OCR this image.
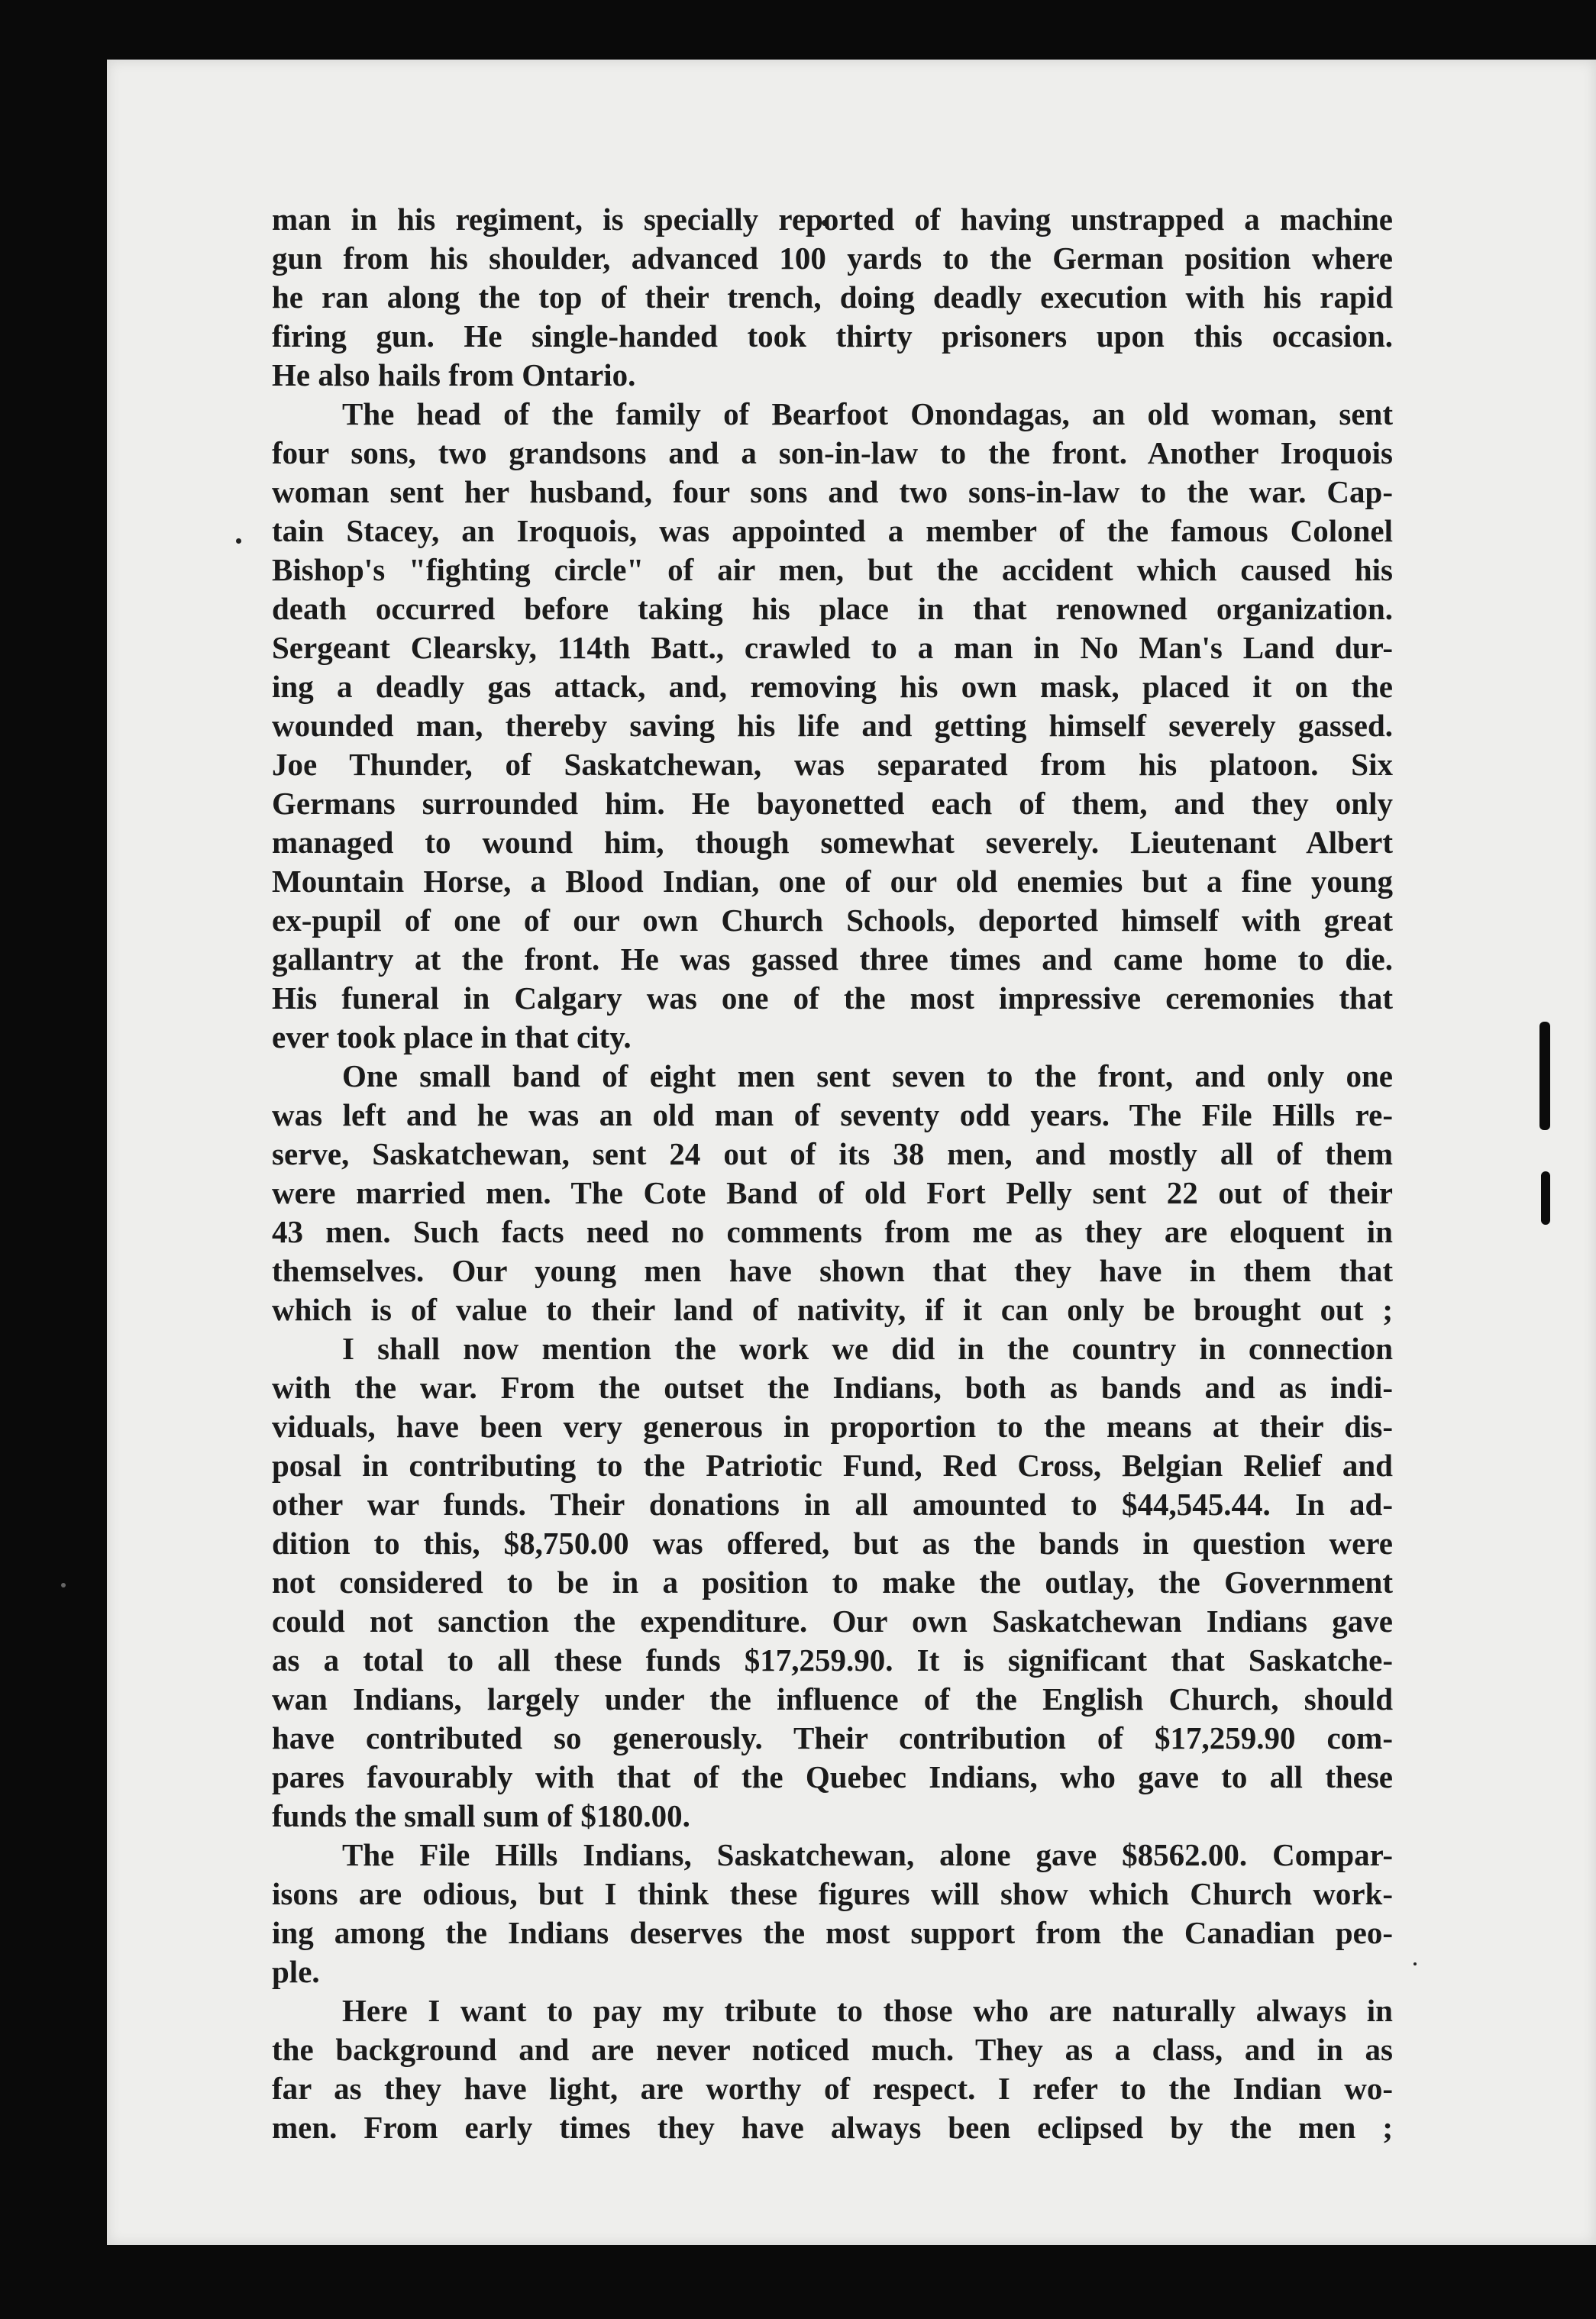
man in his regiment, is specially reported of having unstrapped a machine
gun from his shoulder, advanced 100 yards to the German position where
he ran along the top of their trench, doing deadly execution with his rapid
firing gun. He single-handed took thirty prisoners upon this occasion.
He also hails from Ontario.
The head of the family of Bearfoot Onondagas, an old woman, sent
four sons, two grandsons and a son-in-law to the front. Another Iroquois
woman sent her husband, four sons and two sons-in-law to the war. Cap-
tain Stacey, an Iroquois, was appointed a member of the famous Colonel
Bishop's "fighting circle" of air men, but the accident which caused his
death occurred before taking his place in that renowned organization.
Sergeant Clearsky, 114th Batt., crawled to a man in No Man's Land dur-
ing a deadly gas attack, and, removing his own mask, placed it on the
wounded man, thereby saving his life and getting himself severely gassed.
Joe Thunder, of Saskatchewan, was separated from his platoon. Six
Germans surrounded him. He bayonetted each of them, and they only
managed to wound him, though somewhat severely. Lieutenant Albert
Mountain Horse, a Blood Indian, one of our old enemies but a fine young
ex-pupil of one of our own Church Schools, deported himself with great
gallantry at the front. He was gassed three times and came home to die.
His funeral in Calgary was one of the most impressive ceremonies that
ever took place in that city.
One small band of eight men sent seven to the front, and only one
was left and he was an old man of seventy odd years. The File Hills re-
serve, Saskatchewan, sent 24 out of its 38 men, and mostly all of them
were married men. The Cote Band of old Fort Pelly sent 22 out of their
43 men. Such facts need no comments from me as they are eloquent in
themselves. Our young men have shown that they have in them that
which is of value to their land of nativity, if it can only be brought out ;
I shall now mention the work we did in the country in connection
with the war. From the outset the Indians, both as bands and as indi-
viduals, have been very generous in proportion to the means at their dis-
posal in contributing to the Patriotic Fund, Red Cross, Belgian Relief and
other war funds. Their donations in all amounted to $44,545.44. In ad-
dition to this, $8,750.00 was offered, but as the bands in question were
not considered to be in a position to make the outlay, the Government
could not sanction the expenditure. Our own Saskatchewan Indians gave
as a total to all these funds $17,259.90. It is significant that Saskatche-
wan Indians, largely under the influence of the English Church, should
have contributed so generously. Their contribution of $17,259.90 com-
pares favourably with that of the Quebec Indians, who gave to all these
funds the small sum of $180.00.
The File Hills Indians, Saskatchewan, alone gave $8562.00. Compar-
isons are odious, but I think these figures will show which Church work-
ing among the Indians deserves the most support from the Canadian peo-
ple.
Here I want to pay my tribute to those who are naturally always in
the background and are never noticed much. They as a class, and in as
far as they have light, are worthy of respect. I refer to the Indian wo-
men. From early times they have always been eclipsed by the men ;
